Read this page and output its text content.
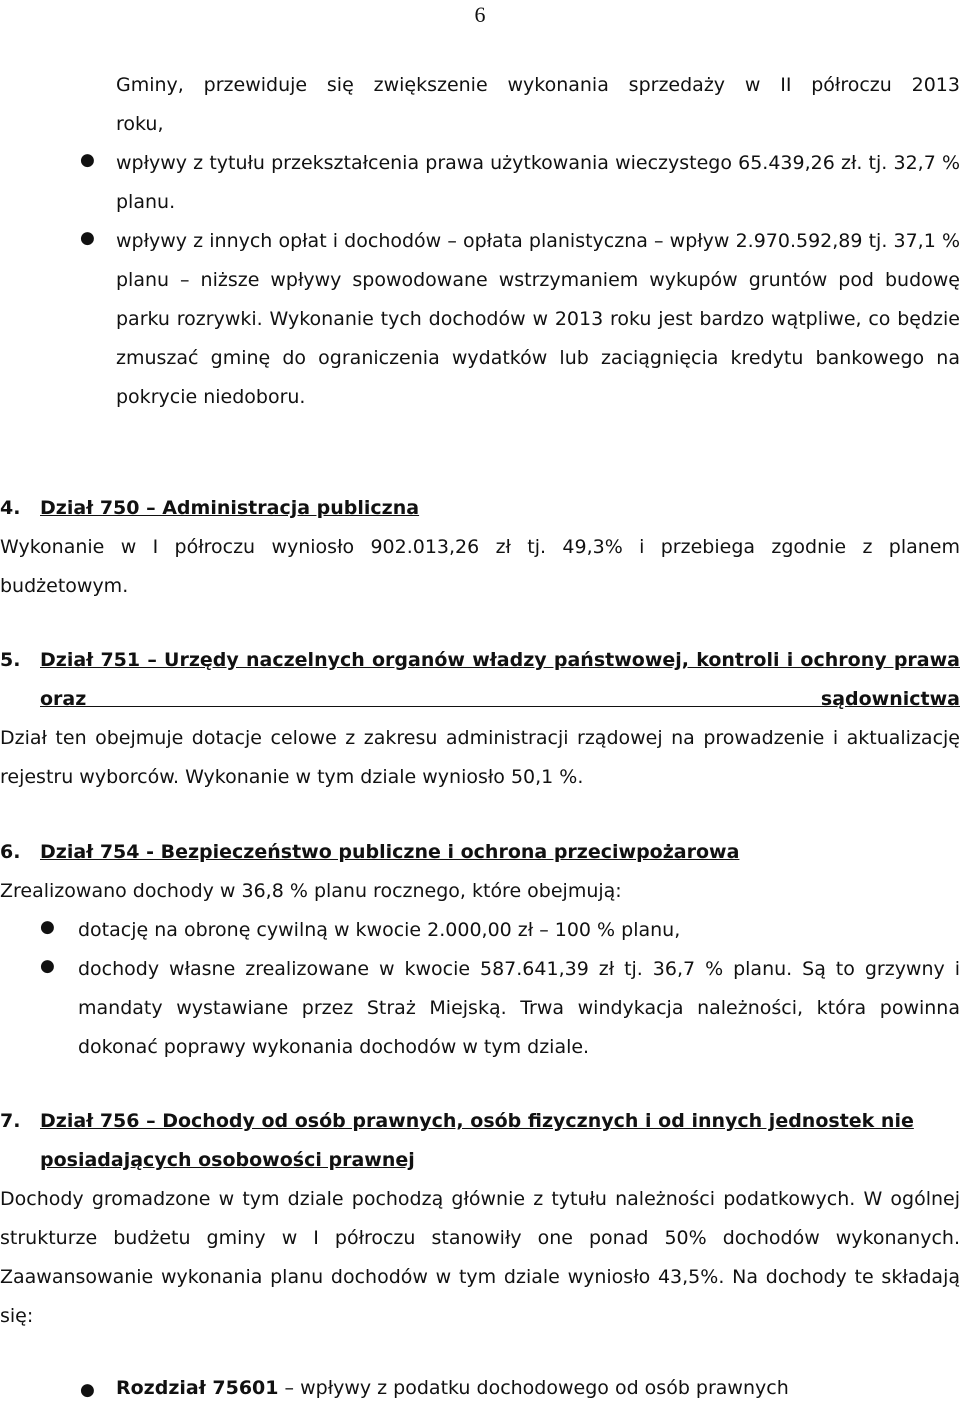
6

Gminy, przewiduje się zwiększenie wykonania sprzedaży w II półroczu 2013

roku,

● wpływy z tytułu przekształcenia prawa użytkowania wieczystego 65.439,26 zł. tj. 32,7 % planu.

● wpływy z innych opłat i dochodów – opłata planistyczna – wpływ 2.970.592,89 tj. 37,1 % planu – niższe wpływy spowodowane wstrzymaniem wykupów gruntów pod budowę parku rozrywki. Wykonanie tych dochodów w 2013 roku jest bardzo wątpliwe, co będzie zmuszać gminę do ograniczenia wydatków lub zaciągnięcia kredytu bankowego na pokrycie niedoboru.

4. Dział 750 – Administracja publiczna

Wykonanie w I półroczu wyniosło 902.013,26 zł tj. 49,3% i przebiega zgodnie z planem budżetowym.

5.	Dział 751 – Urzędy naczelnych organów władzy państwowej, kontroli i ochrony prawa oraz sądownictwa

Dział ten obejmuje dotacje celowe z zakresu administracji rządowej na prowadzenie i aktualizację rejestru wyborców. Wykonanie w tym dziale wyniosło 50,1 %.

6. Dział 754 - Bezpieczeństwo publiczne i ochrona przeciwpożarowa

Zrealizowano dochody w 36,8 % planu rocznego, które obejmują:

● dotację na obronę cywilną w kwocie 2.000,00 zł – 100 % planu,

● dochody własne zrealizowane w kwocie 587.641,39 zł tj. 36,7 % planu. Są to grzywny i mandaty wystawiane przez Straż Miejską. Trwa windykacja należności, która powinna dokonać poprawy wykonania dochodów w tym dziale.

7.	Dział 756 – Dochody od osób prawnych, osób fizycznych i od innych jednostek nie posiadających osobowości prawnej

Dochody gromadzone w tym dziale pochodzą głównie z tytułu należności podatkowych. W ogólnej strukturze budżetu gminy w I półroczu stanowiły one ponad 50% dochodów wykonanych. Zaawansowanie wykonania planu dochodów w tym dziale wyniosło 43,5%. Na dochody te składają się:

● Rozdział 75601 – wpływy z podatku dochodowego od osób prawnych
